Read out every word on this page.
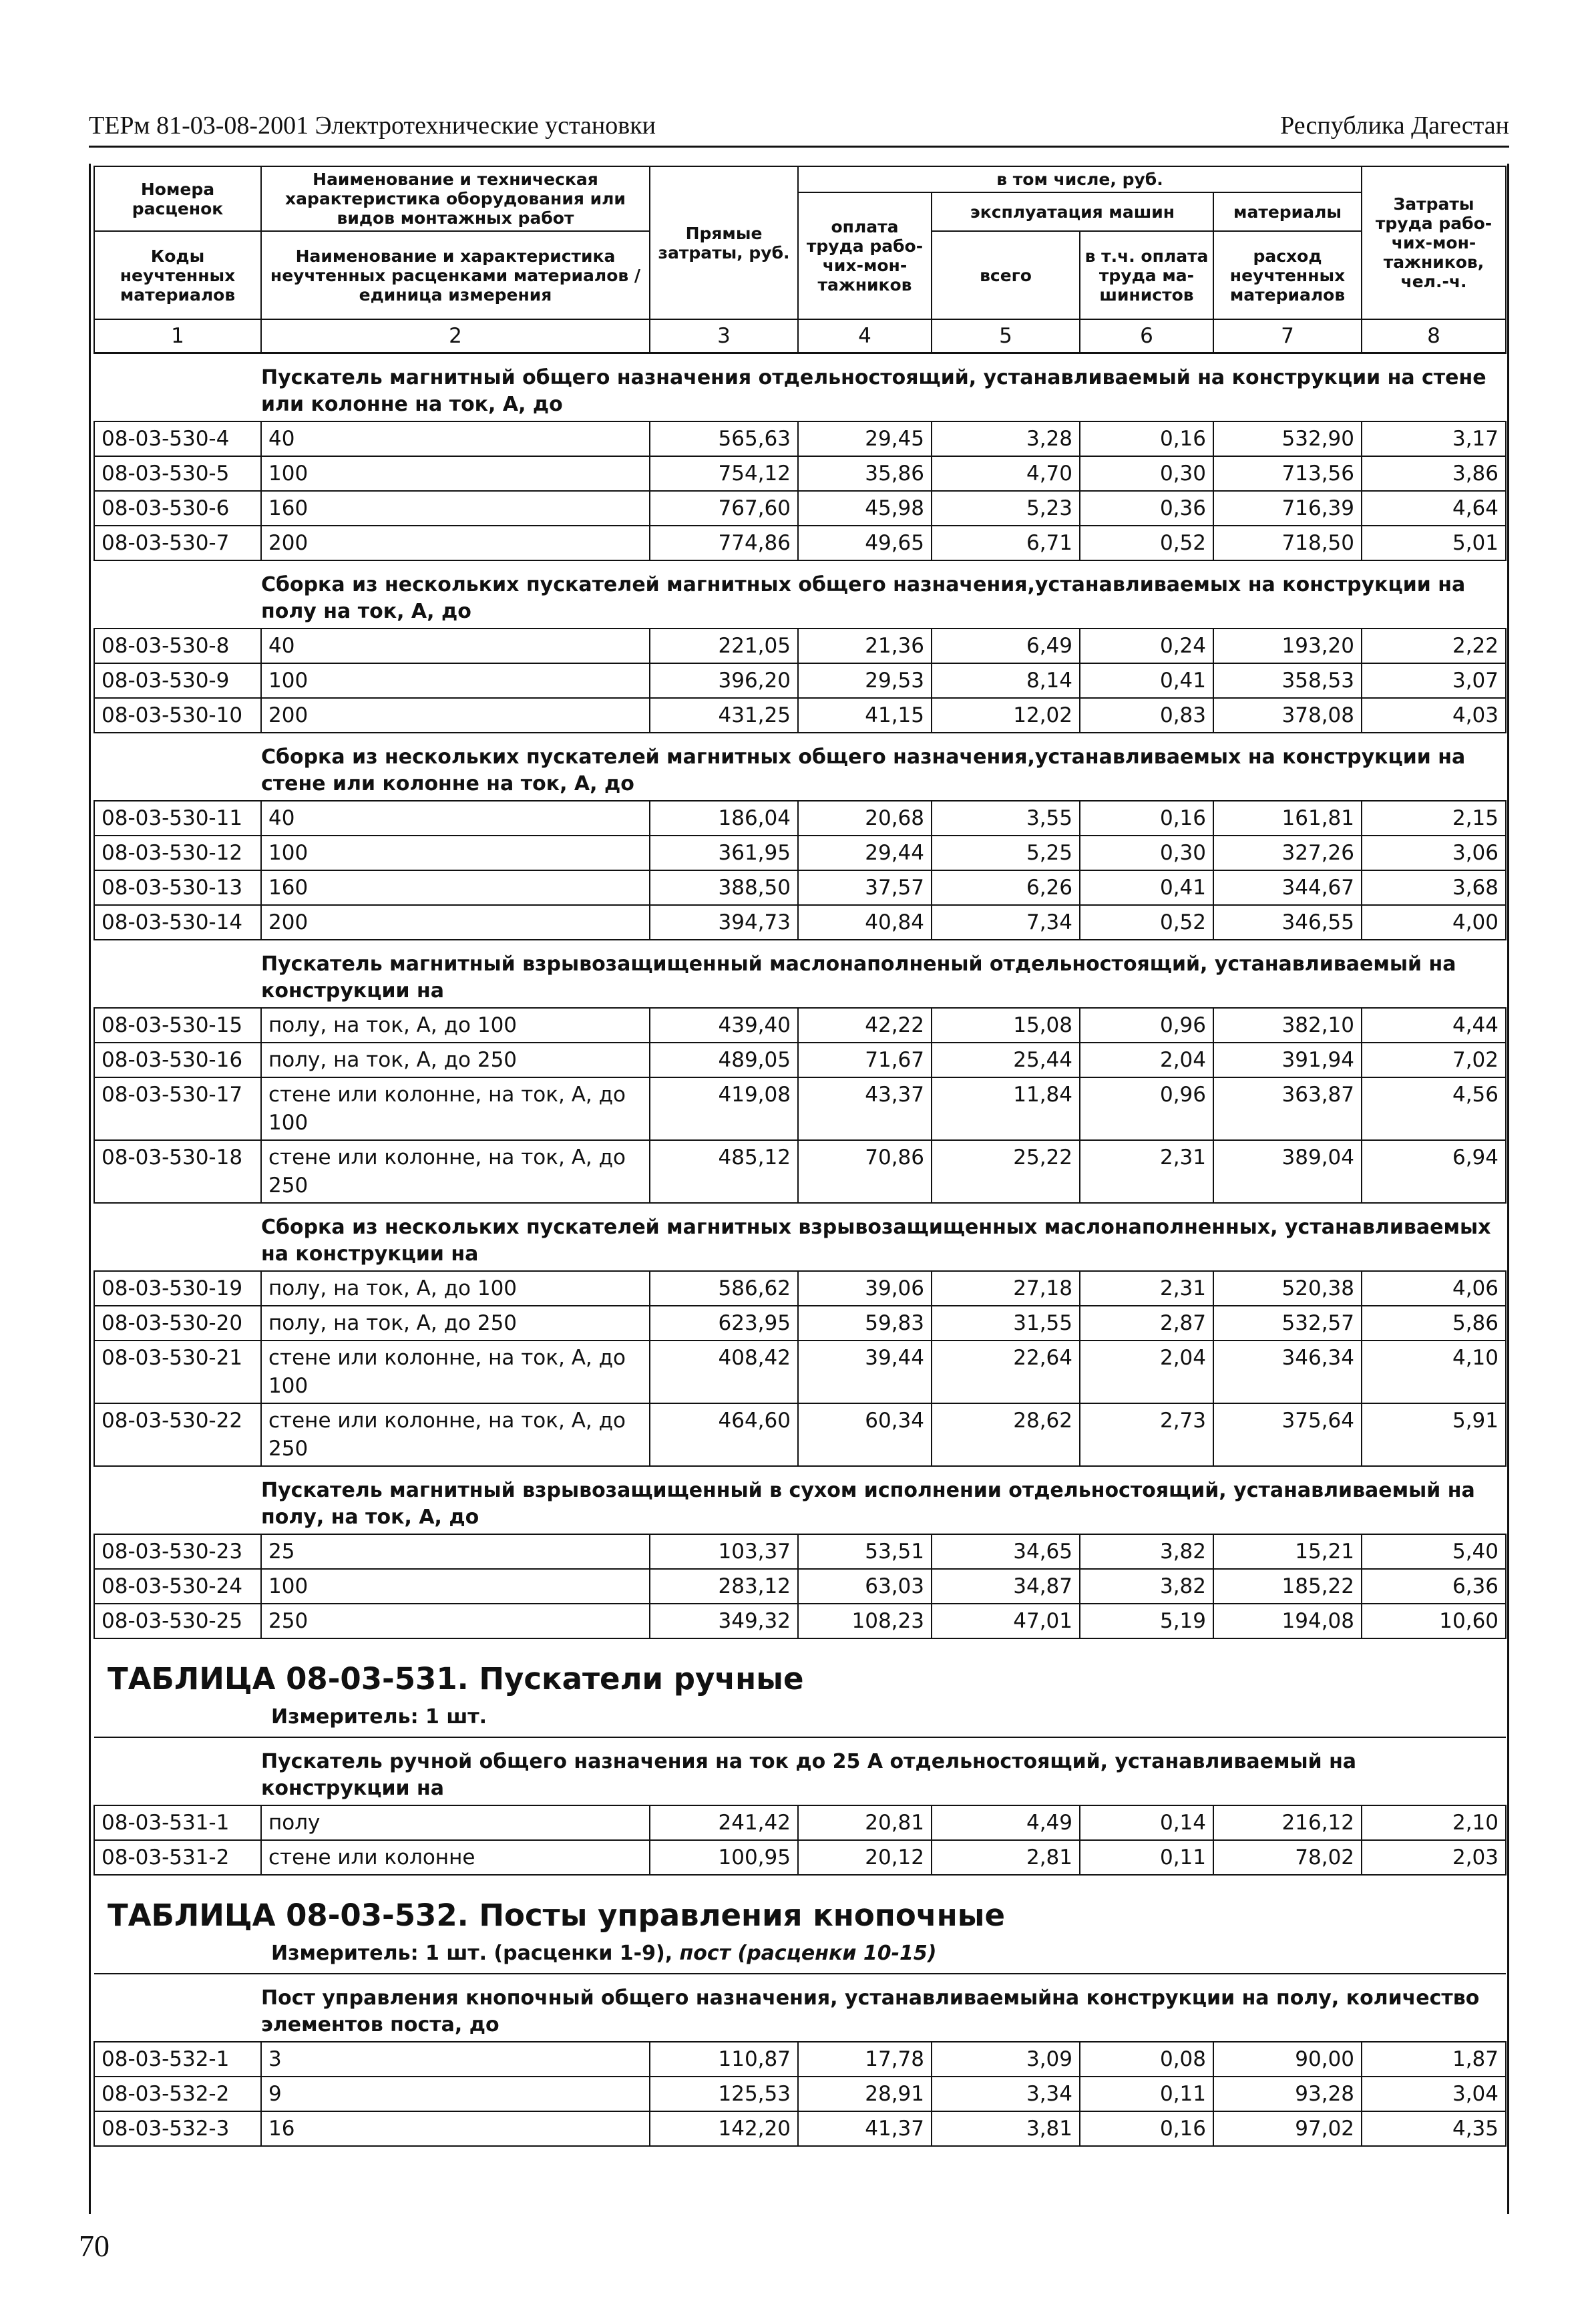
ТЕРм 81-03-08-2001 Электротехнические установки	Республика Дагестан
Номера расценок	Наименование и техническая характеристика оборудования или видов монтажных работ	Прямые затраты, руб.	в том числе, руб.				Затраты труда рабо-чих-мон-тажников, чел.-ч.
			оплата труда рабо-чих-мон-тажников	эксплуатация машин		материалы	

Коды неучтенных материалов	Наименование и характеристика неучтенных расценками материалов / единица измерения			всего	в т.ч. оплата труда ма-шинистов	расход неучтенных материалов	

1	2	3	4	5	6	7	8
	Пускатель магнитный общего назначения отдельностоящий, устанавливаемый на конструкции на стене или колонне на ток, А, до						
08-03-530-4	40	565,63	29,45	3,28	0,16	532,90	3,17
08-03-530-5	100	754,12	35,86	4,70	0,30	713,56	3,86
08-03-530-6	160	767,60	45,98	5,23	0,36	716,39	4,64
08-03-530-7	200	774,86	49,65	6,71	0,52	718,50	5,01
	Сборка из нескольких пускателей магнитных общего назначения,устанавливаемых на конструкции на полу на ток, А, до						
08-03-530-8	40	221,05	21,36	6,49	0,24	193,20	2,22
08-03-530-9	100	396,20	29,53	8,14	0,41	358,53	3,07
08-03-530-10	200	431,25	41,15	12,02	0,83	378,08	4,03
	Сборка из нескольких пускателей магнитных общего назначения,устанавливаемых на конструкции на стене или колонне на ток, А, до						
08-03-530-11	40	186,04	20,68	3,55	0,16	161,81	2,15
08-03-530-12	100	361,95	29,44	5,25	0,30	327,26	3,06
08-03-530-13	160	388,50	37,57	6,26	0,41	344,67	3,68
08-03-530-14	200	394,73	40,84	7,34	0,52	346,55	4,00
	Пускатель магнитный взрывозащищенный маслонаполненый отдельностоящий, устанавливаемый на конструкции на						
08-03-530-15	полу, на ток, А, до 100	439,40	42,22	15,08	0,96	382,10	4,44
08-03-530-16	полу, на ток, А, до 250	489,05	71,67	25,44	2,04	391,94	7,02
08-03-530-17	стене или колонне, на ток, А, до 100	419,08	43,37	11,84	0,96	363,87	4,56
08-03-530-18	стене или колонне, на ток, А, до 250	485,12	70,86	25,22	2,31	389,04	6,94
	Сборка из нескольких пускателей магнитных взрывозащищенных маслонаполненных, устанавливаемых на конструкции на						
08-03-530-19	полу, на ток, А, до 100	586,62	39,06	27,18	2,31	520,38	4,06
08-03-530-20	полу, на ток, А, до 250	623,95	59,83	31,55	2,87	532,57	5,86
08-03-530-21	стене или колонне, на ток, А, до 100	408,42	39,44	22,64	2,04	346,34	4,10
08-03-530-22	стене или колонне, на ток, А, до 250	464,60	60,34	28,62	2,73	375,64	5,91
	Пускатель магнитный взрывозащищенный в сухом исполнении отдельностоящий, устанавливаемый на полу, на ток, А, до						
08-03-530-23	25	103,37	53,51	34,65	3,82	15,21	5,40
08-03-530-24	100	283,12	63,03	34,87	3,82	185,22	6,36
08-03-530-25	250	349,32	108,23	47,01	5,19	194,08	10,60

ТАБЛИЦА 08-03-531. Пускатели ручные
Измеритель: 1 шт.							

	Пускатель ручной общего назначения на ток до 25 А отдельностоящий, устанавливаемый на конструкции на						
08-03-531-1	полу	241,42	20,81	4,49	0,14	216,12	2,10
08-03-531-2	стене или колонне	100,95	20,12	2,81	0,11	78,02	2,03

ТАБЛИЦА 08-03-532. Посты управления кнопочные
Измеритель: 1 шт. (расценки 1-9), пост (расценки 10-15)							

	Пост управления кнопочный общего назначения, устанавливаемыйна конструкции на полу, количество элементов поста, до						
08-03-532-1	3	110,87	17,78	3,09	0,08	90,00	1,87
08-03-532-2	9	125,53	28,91	3,34	0,11	93,28	3,04
08-03-532-3	16	142,20	41,37	3,81	0,16	97,02	4,35
70
